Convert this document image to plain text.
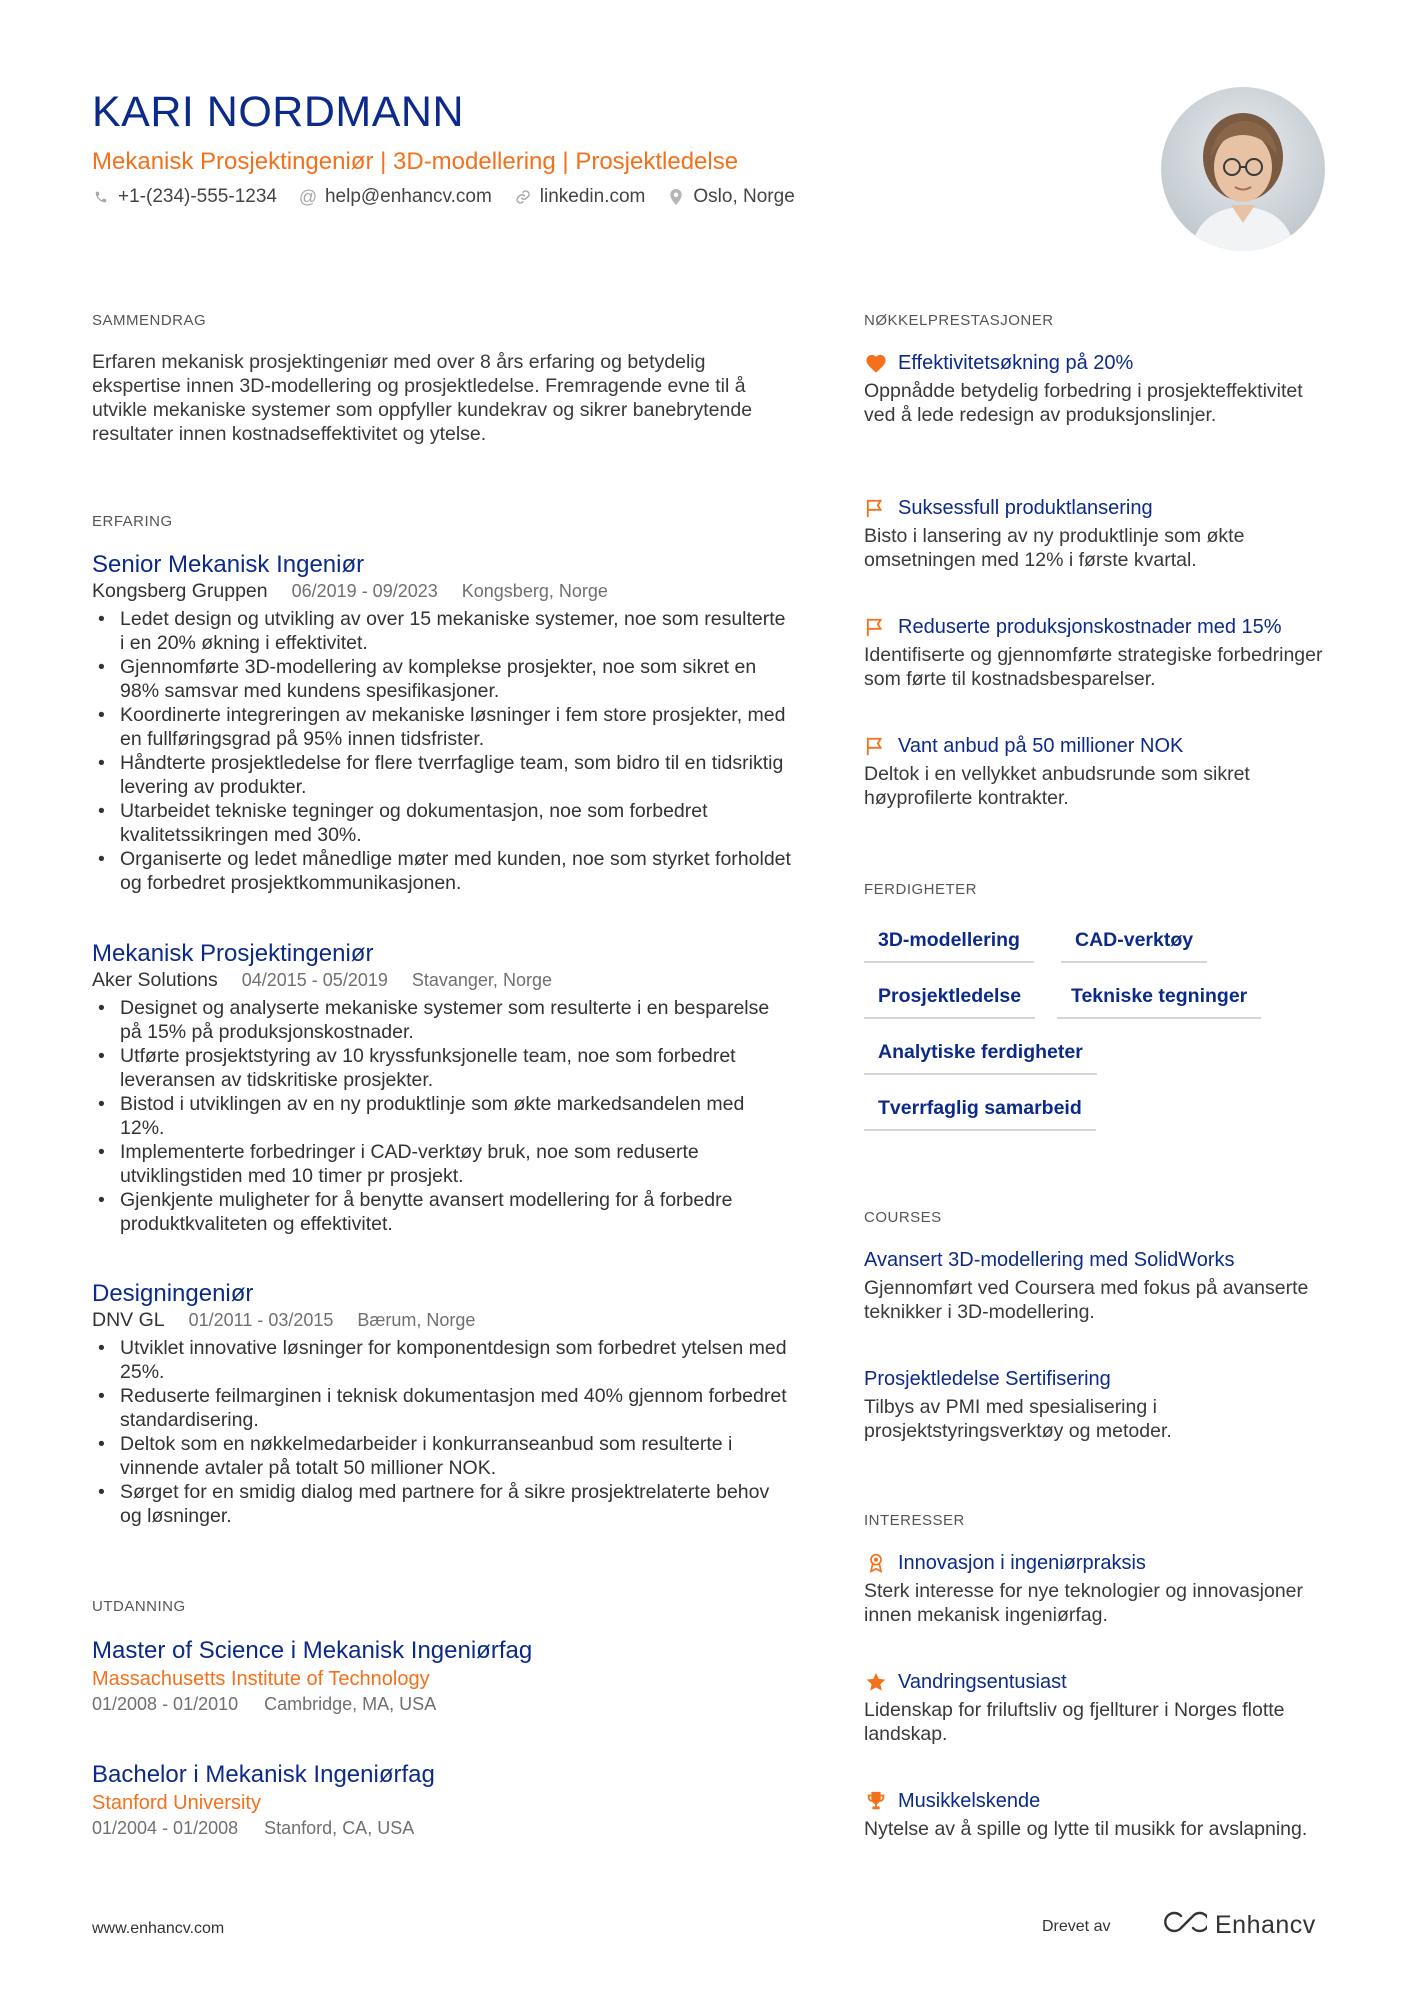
KARI NORDMANN
Mekanisk Prosjektingeniør | 3D-modellering | Prosjektledelse
+1-(234)-555-1234 @ help@enhancv.com	linkedin.com	Oslo, Norge
SAMMENDRAG

Erfaren mekanisk prosjektingeniør med over 8 års erfaring og betydelig ekspertise innen 3D-modellering og prosjektledelse. Fremragende evne til å utvikle mekaniske systemer som oppfyller kundekrav og sikrer banebrytende resultater innen kostnadseffektivitet og ytelse.

ERFARING
Senior Mekanisk Ingeniør
Kongsberg Gruppen 06/2019 - 09/2023 Kongsberg, Norge
• Ledet design og utvikling av over 15 mekaniske systemer, noe som resulterte i en 20% økning i effektivitet.
• Gjennomførte 3D-modellering av komplekse prosjekter, noe som sikret en 98% samsvar med kundens spesifikasjoner.
• Koordinerte integreringen av mekaniske løsninger i fem store prosjekter, med en fullføringsgrad på 95% innen tidsfrister.
• Håndterte prosjektledelse for flere tverrfaglige team, som bidro til en tidsriktig levering av produkter.
• Utarbeidet tekniske tegninger og dokumentasjon, noe som forbedret kvalitetssikringen med 30%.
• Organiserte og ledet månedlige møter med kunden, noe som styrket forholdet og forbedret prosjektkommunikasjonen.
Mekanisk Prosjektingeniør
Aker Solutions 04/2015 - 05/2019 Stavanger, Norge
• Designet og analyserte mekaniske systemer som resulterte i en besparelse på 15% på produksjonskostnader.
• Utførte prosjektstyring av 10 kryssfunksjonelle team, noe som forbedret leveransen av tidskritiske prosjekter.
• Bistod i utviklingen av en ny produktlinje som økte markedsandelen med 12%.
• Implementerte forbedringer i CAD-verktøy bruk, noe som reduserte utviklingstiden med 10 timer pr prosjekt.
• Gjenkjente muligheter for å benytte avansert modellering for å forbedre produktkvaliteten og effektivitet.
Designingeniør
DNV GL 01/2011 - 03/2015 Bærum, Norge
• Utviklet innovative løsninger for komponentdesign som forbedret ytelsen med 25%.
• Reduserte feilmarginen i teknisk dokumentasjon med 40% gjennom forbedret standardisering.
• Deltok som en nøkkelmedarbeider i konkurranseanbud som resulterte i vinnende avtaler på totalt 50 millioner NOK.
• Sørget for en smidig dialog med partnere for å sikre prosjektrelaterte behov og løsninger.
UTDANNING
Master of Science i Mekanisk Ingeniørfag
Massachusetts Institute of Technology
01/2008 - 01/2010 Cambridge, MA, USA
Bachelor i Mekanisk Ingeniørfag
Stanford University
01/2004 - 01/2008 Stanford, CA, USA
NØKKELPRESTASJONER
Effektivitetsøkning på 20%
Oppnådde betydelig forbedring i prosjekteffektivitet ved å lede redesign av produksjonslinjer.
Suksessfull produktlansering
Bisto i lansering av ny produktlinje som økte omsetningen med 12% i første kvartal.
Reduserte produksjonskostnader med 15%
Identifiserte og gjennomførte strategiske forbedringer som førte til kostnadsbesparelser.
Vant anbud på 50 millioner NOK
Deltok i en vellykket anbudsrunde som sikret høyprofilerte kontrakter.
FERDIGHETER
3D-modellering	CAD-verktøy
Prosjektledelse	Tekniske tegninger
Analytiske ferdigheter
Tverrfaglig samarbeid
COURSES
Avansert 3D-modellering med SolidWorks
Gjennomført ved Coursera med fokus på avanserte teknikker i 3D-modellering.
Prosjektledelse Sertifisering
Tilbys av PMI med spesialisering i prosjektstyringsverktøy og metoder.
INTERESSER
Innovasjon i ingeniørpraksis
Sterk interesse for nye teknologier og innovasjoner innen mekanisk ingeniørfag.
Vandringsentusiast
Lidenskap for friluftsliv og fjellturer i Norges flotte landskap.
Musikkelskende
Nytelse av å spille og lytte til musikk for avslapning.
www.enhancv.com	Drevet av	Enhancv
